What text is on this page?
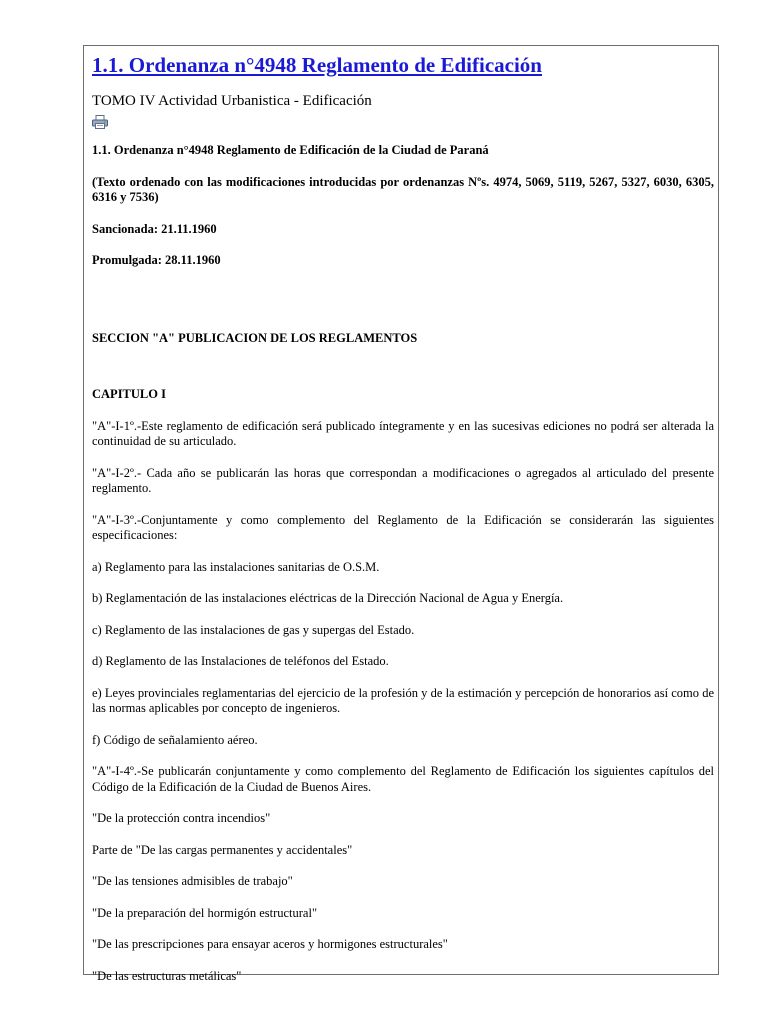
1.1. Ordenanza n°4948 Reglamento de Edificación
TOMO IV Actividad Urbanistica - Edificación

1.1. Ordenanza n°4948 Reglamento de Edificación de la Ciudad de Paraná

(Texto ordenado con las modificaciones introducidas por ordenanzas Nºs. 4974, 5069, 5119, 5267, 5327, 6030, 6305, 6316 y 7536)

Sancionada: 21.11.1960

Promulgada: 28.11.1960

SECCION "A" PUBLICACION DE LOS REGLAMENTOS

CAPITULO I

"A"-I-1º.-Este reglamento de edificación será publicado íntegramente y en las sucesivas ediciones no podrá ser alterada la continuidad de su articulado.

"A"-I-2º.- Cada año se publicarán las horas que correspondan a modificaciones o agregados al articulado del presente reglamento.

"A"-I-3º.-Conjuntamente y como complemento del Reglamento de la Edificación se considerarán las siguientes especificaciones:

a) Reglamento para las instalaciones sanitarias de O.S.M.

b) Reglamentación de las instalaciones eléctricas de la Dirección Nacional de Agua y Energía.

c) Reglamento de las instalaciones de gas y supergas del Estado.

d) Reglamento de las Instalaciones de teléfonos del Estado.

e) Leyes provinciales reglamentarias del ejercicio de la profesión y de la estimación y percepción de honorarios así como de las normas aplicables por concepto de ingenieros.

f) Código de señalamiento aéreo.

"A"-I-4º.-Se publicarán conjuntamente y como complemento del Reglamento de Edificación los siguientes capítulos del Código de la Edificación de la Ciudad de Buenos Aires.

"De la protección contra incendios"

Parte de "De las cargas permanentes y accidentales"

"De las tensiones admisibles de trabajo"

"De la preparación del hormigón estructural"

"De las prescripciones para ensayar aceros y hormigones estructurales"

"De las estructuras metálicas"
